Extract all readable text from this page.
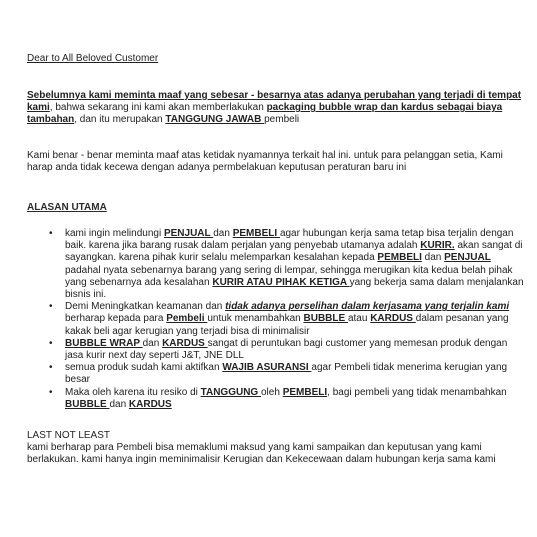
Dear to All Beloved Customer
Sebelumnya kami meminta maaf yang sebesar - besarnya atas adanya perubahan yang terjadi di tempat kami, bahwa sekarang ini kami akan memberlakukan packaging bubble wrap dan kardus sebagai biaya tambahan, dan itu merupakan TANGGUNG JAWAB pembeli
Kami benar - benar meminta maaf atas ketidak nyamannya terkait hal ini. untuk para pelanggan setia, Kami harap anda tidak kecewa dengan adanya permbelakuan keputusan peraturan baru ini
ALASAN UTAMA
• kami ingin melindungi PENJUAL dan PEMBELI agar hubungan kerja sama tetap bisa terjalin dengan baik. karena jika barang rusak dalam perjalan yang penyebab utamanya adalah KURIR. akan sangat di sayangkan. karena pihak kurir selalu melemparkan kesalahan kepada PEMBELI dan PENJUAL padahal nyata sebenarnya barang yang sering di lempar, sehingga merugikan kita kedua belah pihak yang sebenarnya ada kesalahan KURIR ATAU PIHAK KETIGA yang bekerja sama dalam menjalankan bisnis ini.
• Demi Meningkatkan keamanan dan tidak adanya perselihan dalam kerjasama yang terjalin kami berharap kepada para Pembeli untuk menambahkan BUBBLE atau KARDUS dalam pesanan yang kakak beli agar kerugian yang terjadi bisa di minimalisir
• BUBBLE WRAP dan KARDUS sangat di peruntukan bagi customer yang memesan produk dengan jasa kurir next day seperti J&T, JNE DLL
• semua produk sudah kami aktifkan WAJIB ASURANSI agar Pembeli tidak menerima kerugian yang besar
• Maka oleh karena itu resiko di TANGGUNG oleh PEMBELI, bagi pembeli yang tidak menambahkan BUBBLE dan KARDUS
LAST NOT LEAST
kami berharap para Pembeli bisa memaklumi maksud yang kami sampaikan dan keputusan yang kami berlakukan. kami hanya ingin meminimalisir Kerugian dan Kekecewaan dalam hubungan kerja sama kami
